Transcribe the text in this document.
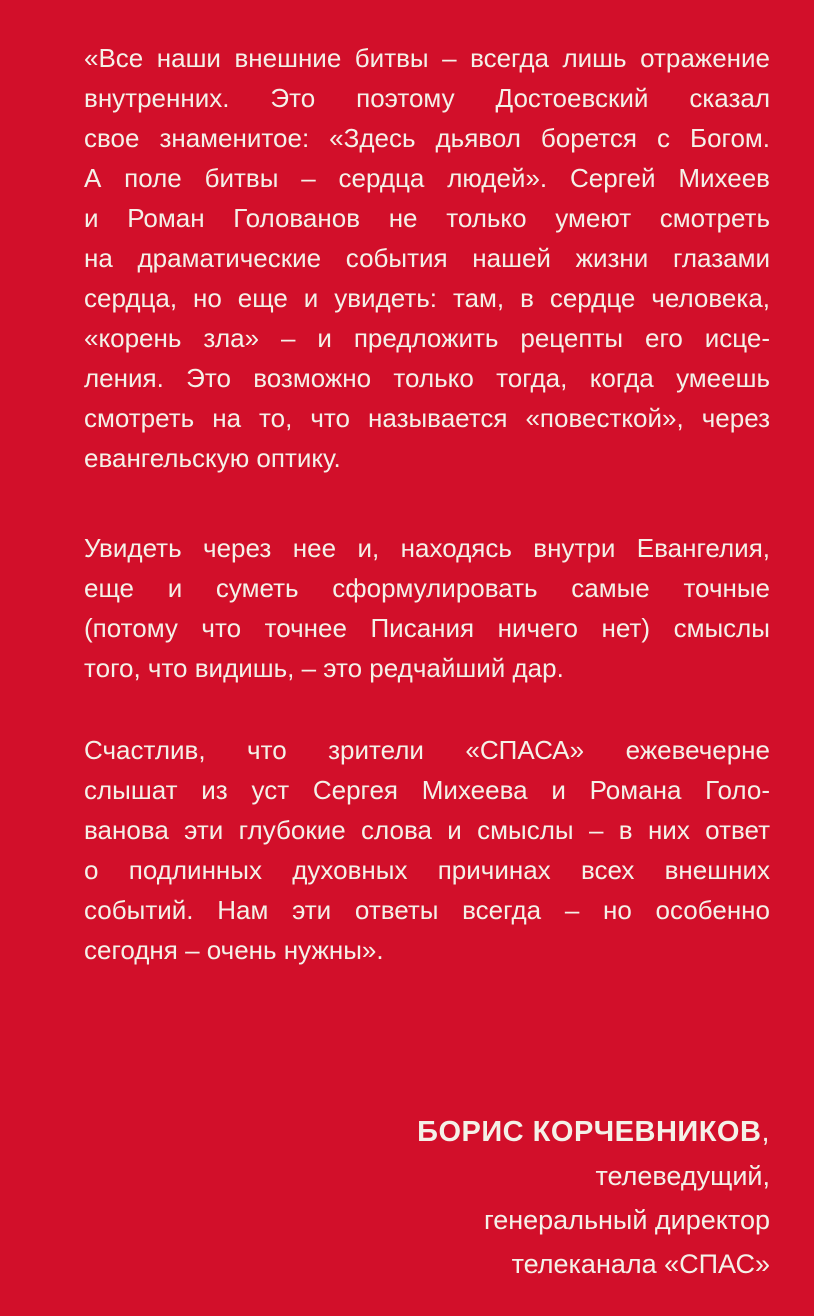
«Все наши внешние битвы – всегда лишь отражение
внутренних. Это поэтому Достоевский сказал
свое знаменитое: «Здесь дьявол борется с Богом.
А поле битвы – сердца людей». Сергей Михеев
и Роман Голованов не только умеют смотреть
на драматические события нашей жизни глазами
сердца, но еще и увидеть: там, в сердце человека,
«корень зла» – и предложить рецепты его исце-
ления. Это возможно только тогда, когда умеешь
смотреть на то, что называется «повесткой», через
евангельскую оптику.
Увидеть через нее и, находясь внутри Евангелия,
еще и суметь сформулировать самые точные
(потому что точнее Писания ничего нет) смыслы
того, что видишь, – это редчайший дар.
Счастлив, что зрители «СПАСА» ежевечерне
слышат из уст Сергея Михеева и Романа Голо-
ванова эти глубокие слова и смыслы – в них ответ
о подлинных духовных причинах всех внешних
событий. Нам эти ответы всегда – но особенно
сегодня – очень нужны».
БОРИС КОРЧЕВНИКОВ,
телеведущий,
генеральный директор
телеканала «СПАС»
